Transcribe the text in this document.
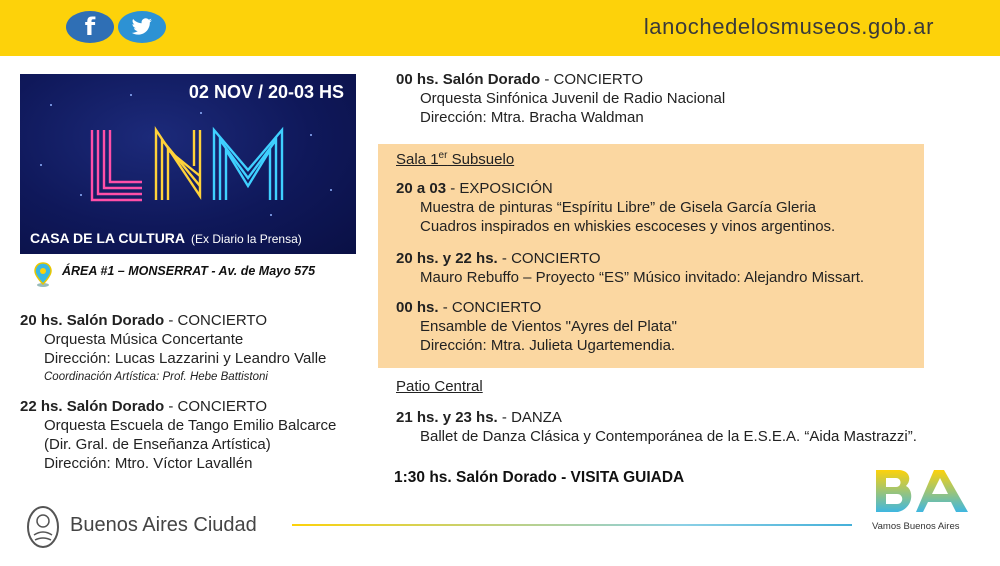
f	lanochedelosmuseos.gob.ar
02 NOV / 20-03 HS
CASA DE LA CULTURA (Ex Diario la Prensa)
ÁREA #1 – MONSERRAT - Av. de Mayo 575
20 hs. Salón Dorado - CONCIERTO
Orquesta Música Concertante
Dirección: Lucas Lazzarini y Leandro Valle
Coordinación Artística: Prof. Hebe Battistoni
22 hs. Salón Dorado - CONCIERTO
Orquesta Escuela de Tango Emilio Balcarce
(Dir. Gral. de Enseñanza Artística)
Dirección: Mtro. Víctor Lavallén
00 hs. Salón Dorado - CONCIERTO
Orquesta Sinfónica Juvenil de Radio Nacional
Dirección: Mtra. Bracha Waldman
Sala 1er Subsuelo
20 a 03 - EXPOSICIÓN
Muestra de pinturas “Espíritu Libre” de Gisela García Gleria
Cuadros inspirados en whiskies escoceses y vinos argentinos.
20 hs. y 22 hs. - CONCIERTO
Mauro Rebuffo – Proyecto “ES” Músico invitado: Alejandro Missart.
00 hs. - CONCIERTO
Ensamble de Vientos "Ayres del Plata"
Dirección: Mtra. Julieta Ugartemendia.
Patio Central
21 hs. y 23 hs. - DANZA
Ballet de Danza Clásica y Contemporánea de la E.S.E.A. “Aida Mastrazzi”.
1:30 hs. Salón Dorado - VISITA GUIADA
Buenos Aires Ciudad	Vamos Buenos Aires
